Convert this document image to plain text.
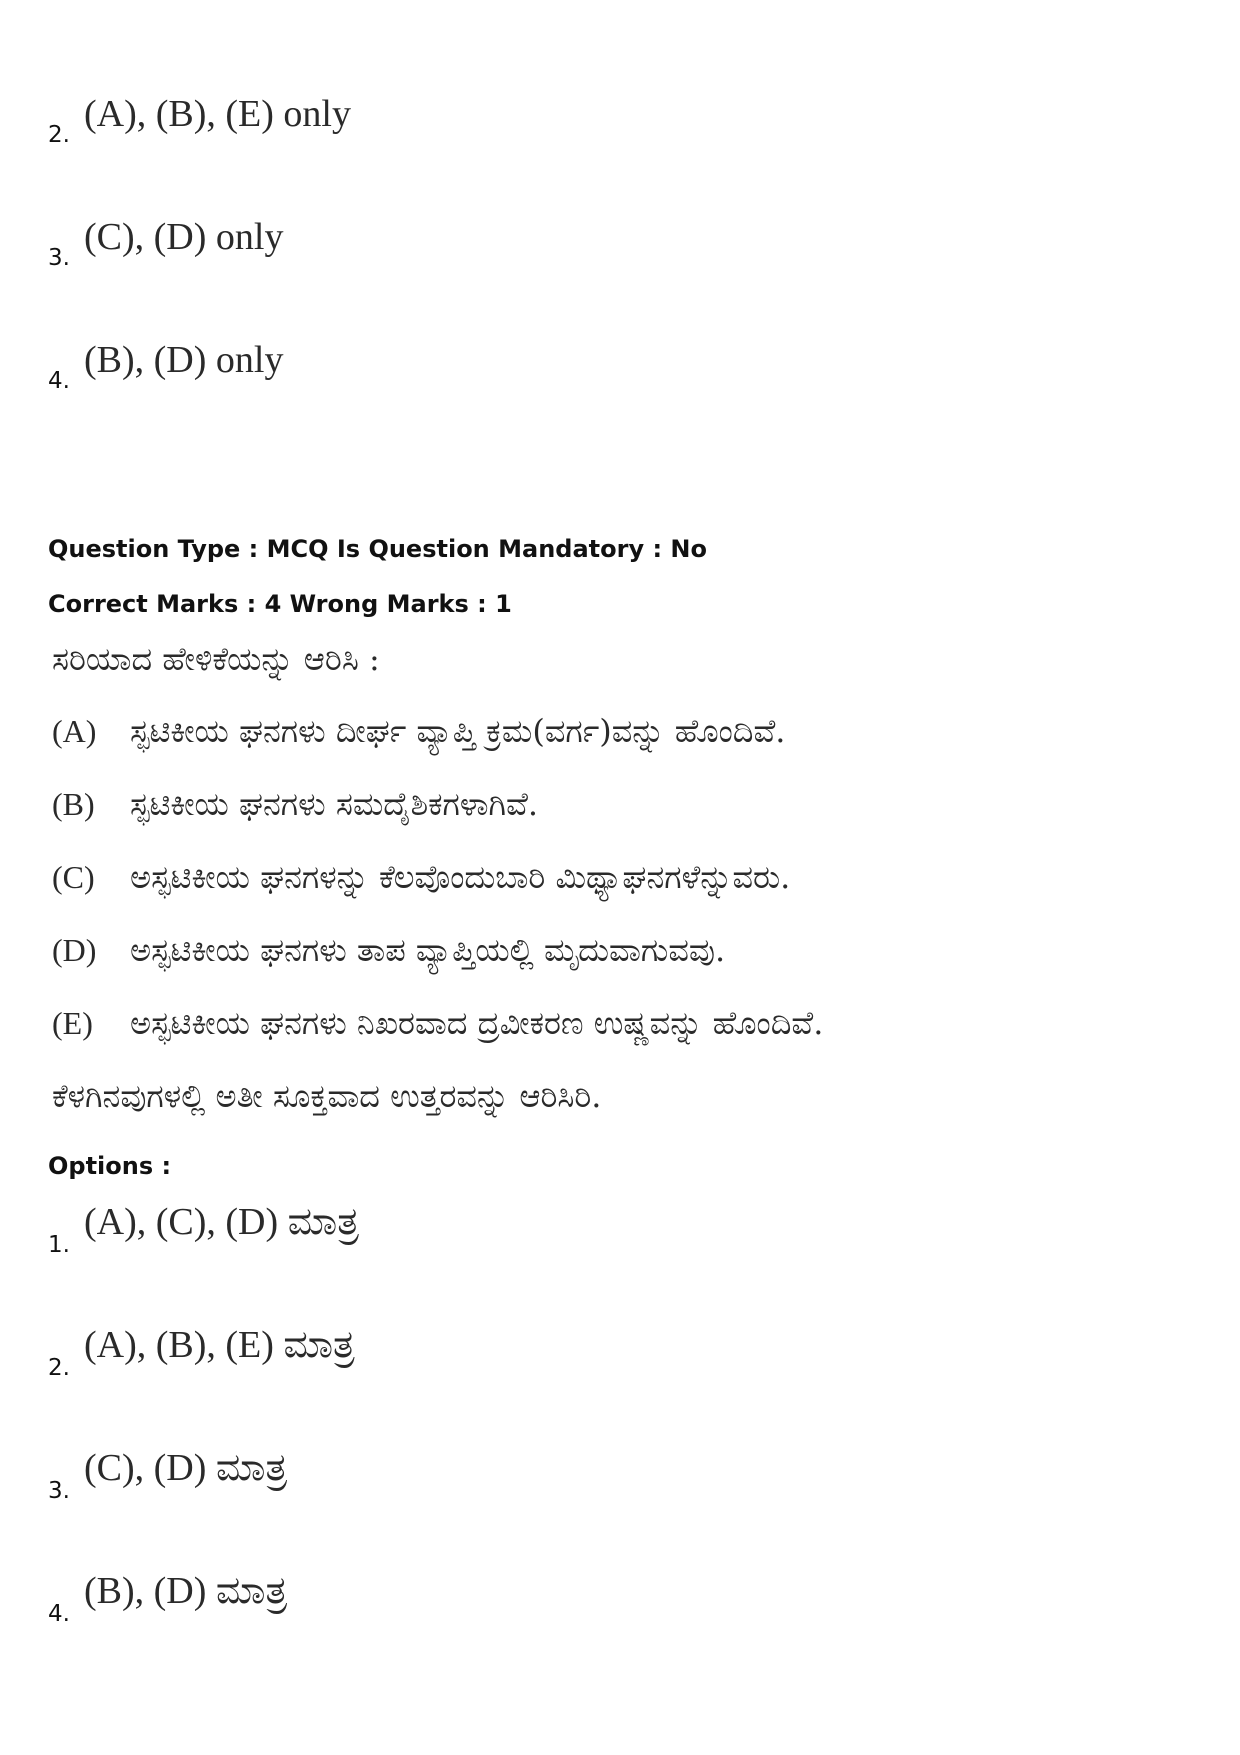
2. (A), (B), (E) only
3. (C), (D) only
4. (B), (D) only
Question Type : MCQ Is Question Mandatory : No
Correct Marks : 4 Wrong Marks : 1
ಸರಿಯಾದ ಹೇಳಿಕೆಯನ್ನು ಆರಿಸಿ :
(A) ಸ್ಫಟಿಕೀಯ ಘನಗಳು ದೀರ್ಘ ವ್ಯಾಪ್ತಿ ಕ್ರಮ(ವರ್ಗ)ವನ್ನು ಹೊಂದಿವೆ.
(B) ಸ್ಫಟಿಕೀಯ ಘನಗಳು ಸಮದೈಶಿಕಗಳಾಗಿವೆ.
(C) ಅಸ್ಫಟಿಕೀಯ ಘನಗಳನ್ನು ಕೆಲವೊಂದುಬಾರಿ ಮಿಥ್ಯಾಘನಗಳೆನ್ನುವರು.
(D) ಅಸ್ಫಟಿಕೀಯ ಘನಗಳು ತಾಪ ವ್ಯಾಪ್ತಿಯಲ್ಲಿ ಮೃದುವಾಗುವವು.
(E) ಅಸ್ಫಟಿಕೀಯ ಘನಗಳು ನಿಖರವಾದ ದ್ರವೀಕರಣ ಉಷ್ಣವನ್ನು ಹೊಂದಿವೆ.
ಕೆಳಗಿನವುಗಳಲ್ಲಿ ಅತೀ ಸೂಕ್ತವಾದ ಉತ್ತರವನ್ನು ಆರಿಸಿರಿ.
Options :
1.
(A), (C), (D) ಮಾತ್ರ
2.
(A), (B), (E) ಮಾತ್ರ
3.
(C), (D) ಮಾತ್ರ
4.
(B), (D) ಮಾತ್ರ
